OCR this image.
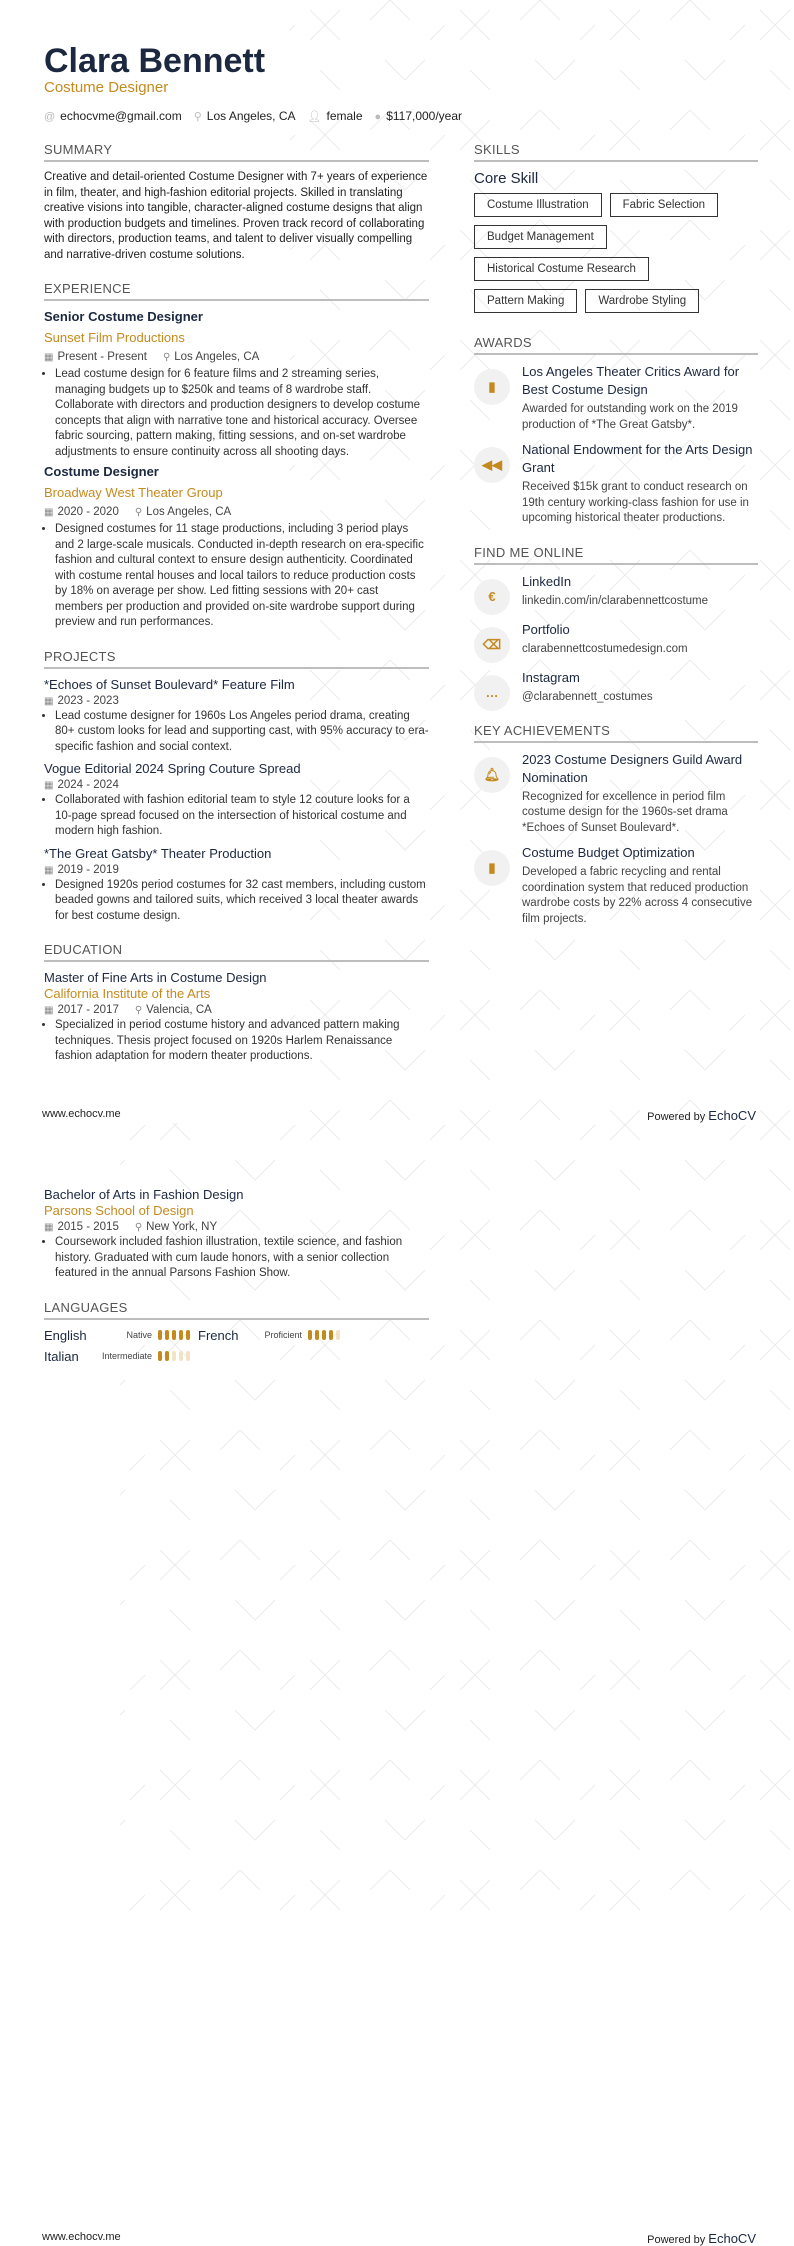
Clara Bennett
Costume Designer
@ echocvme@gmail.com ⚲ Los Angeles, CA 👤︎ female ● $117,000/year
SUMMARY

Creative and detail-oriented Costume Designer with 7+ years of experience in film, theater, and high-fashion editorial projects. Skilled in translating creative visions into tangible, character-aligned costume designs that align with production budgets and timelines. Proven track record of collaborating with directors, production teams, and talent to deliver visually compelling and narrative-driven costume solutions.

EXPERIENCE
Senior Costume Designer
Sunset Film Productions
▦ Present - Present ⚲ Los Angeles, CA
• Lead costume design for 6 feature films and 2 streaming series, managing budgets up to $250k and teams of 8 wardrobe staff. Collaborate with directors and production designers to develop costume concepts that align with narrative tone and historical accuracy. Oversee fabric sourcing, pattern making, fitting sessions, and on-set wardrobe adjustments to ensure continuity across all shooting days.
Costume Designer
Broadway West Theater Group
▦ 2020 - 2020 ⚲ Los Angeles, CA
• Designed costumes for 11 stage productions, including 3 period plays and 2 large-scale musicals. Conducted in-depth research on era-specific fashion and cultural context to ensure design authenticity. Coordinated with costume rental houses and local tailors to reduce production costs by 18% on average per show. Led fitting sessions with 20+ cast members per production and provided on-site wardrobe support during preview and run performances.
PROJECTS
*Echoes of Sunset Boulevard* Feature Film
▦ 2023 - 2023
• Lead costume designer for 1960s Los Angeles period drama, creating 80+ custom looks for lead and supporting cast, with 95% accuracy to era-specific fashion and social context.
Vogue Editorial 2024 Spring Couture Spread
▦ 2024 - 2024
• Collaborated with fashion editorial team to style 12 couture looks for a 10-page spread focused on the intersection of historical costume and modern high fashion.
*The Great Gatsby* Theater Production
▦ 2019 - 2019
• Designed 1920s period costumes for 32 cast members, including custom beaded gowns and tailored suits, which received 3 local theater awards for best costume design.
EDUCATION
Master of Fine Arts in Costume Design
California Institute of the Arts
▦ 2017 - 2017 ⚲ Valencia, CA
• Specialized in period costume history and advanced pattern making techniques. Thesis project focused on 1920s Harlem Renaissance fashion adaptation for modern theater productions.
SKILLS
Core Skill
Costume Illustration	Fabric Selection
Budget Management
Historical Costume Research
Pattern Making	Wardrobe Styling
AWARDS
▮
Los Angeles Theater Critics Award for Best Costume Design
Awarded for outstanding work on the 2019 production of *The Great Gatsby*.
◀◀
National Endowment for the Arts Design Grant
Received $15k grant to conduct research on 19th century working-class fashion for use in upcoming historical theater productions.
FIND ME ONLINE
€
LinkedIn
linkedin.com/in/clarabennettcostume
⌫
Portfolio
clarabennettcostumedesign.com
…
Instagram
@clarabennett_costumes
KEY ACHIEVEMENTS
🔔︎
2023 Costume Designers Guild Award Nomination
Recognized for excellence in period film costume design for the 1960s-set drama *Echoes of Sunset Boulevard*.
▮
Costume Budget Optimization
Developed a fabric recycling and rental coordination system that reduced production wardrobe costs by 22% across 4 consecutive film projects.
www.echocv.me	Powered by EchoCV
Bachelor of Arts in Fashion Design
Parsons School of Design
▦ 2015 - 2015 ⚲ New York, NY
• Coursework included fashion illustration, textile science, and fashion history. Graduated with cum laude honors, with a senior collection featured in the annual Parsons Fashion Show.
LANGUAGES
English	Native	French	Proficient
Italian	Intermediate
www.echocv.me	Powered by EchoCV
